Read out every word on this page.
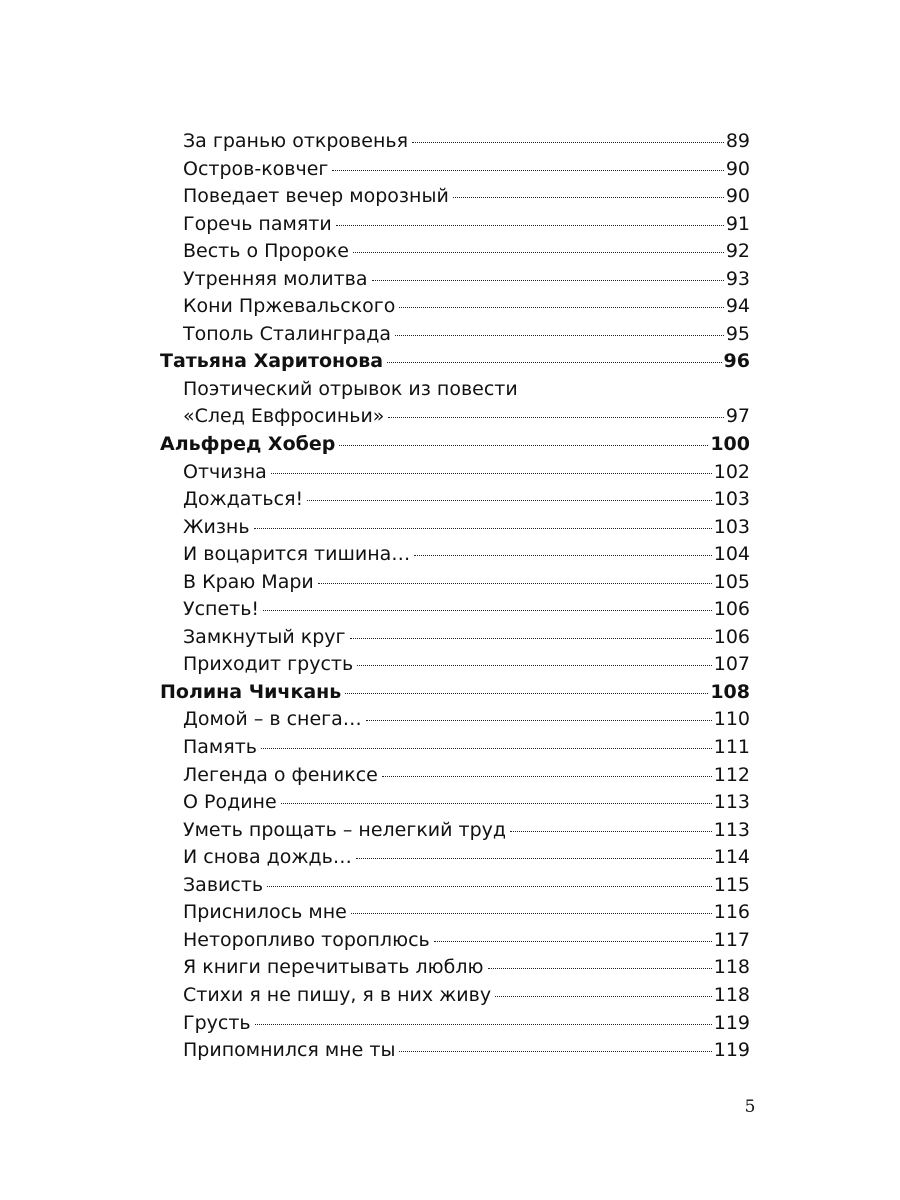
За гранью откровенья	89
Остров-ковчег	90
Поведает вечер морозный	90
Горечь памяти	91
Весть о Пророке	92
Утренняя молитва	93
Кони Пржевальского	94
Тополь Сталинграда	95
Татьяна Харитонова	96
Поэтический отрывок из повести
«След Евфросиньи»	97
Альфред Хобер	100
Отчизна	102
Дождаться!	103
Жизнь	103
И воцарится тишина…	104
В Краю Мари	105
Успеть!	106
Замкнутый круг	106
Приходит грусть	107
Полина Чичкань	108
Домой – в снега…	110
Память	111
Легенда о фениксе	112
О Родине	113
Уметь прощать – нелегкий труд	113
И снова дождь…	114
Зависть	115
Приснилось мне	116
Неторопливо тороплюсь	117
Я книги перечитывать люблю	118
Стихи я не пишу, я в них живу	118
Грусть	119
Припомнился мне ты	119
5
